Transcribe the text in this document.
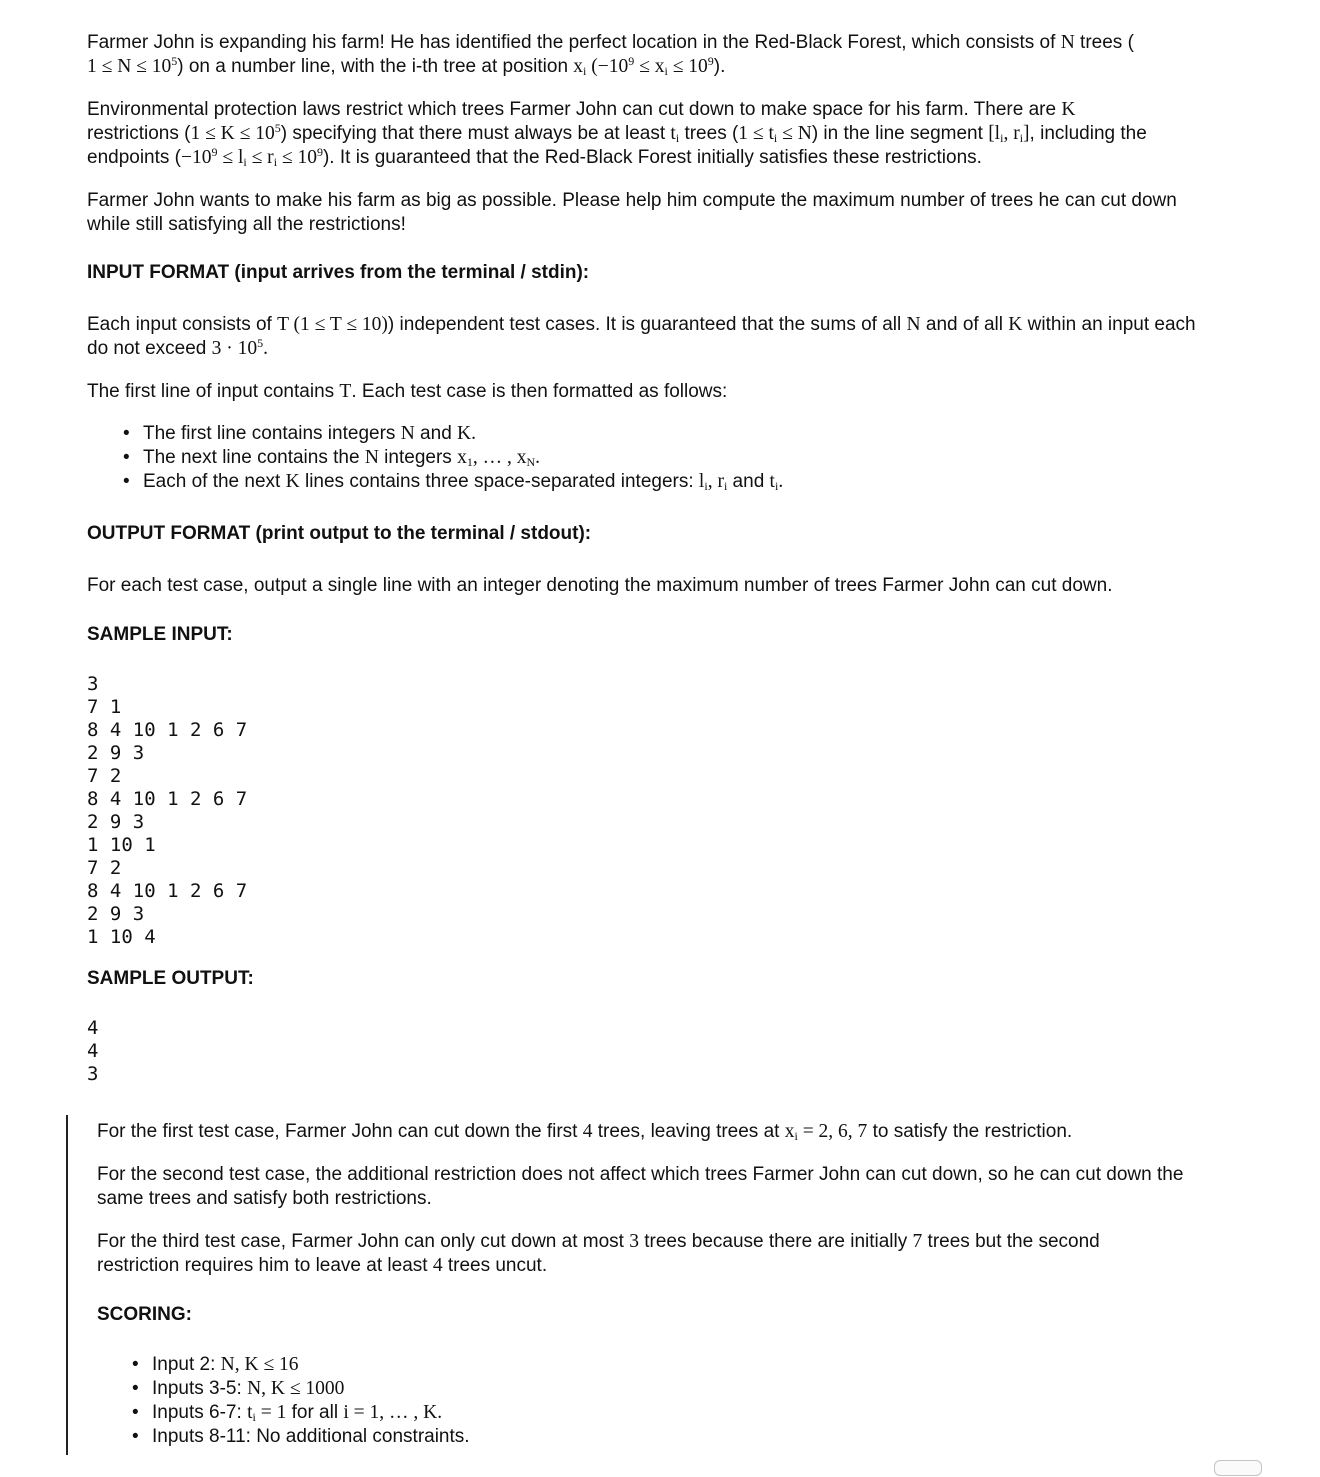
Farmer John is expanding his farm! He has identified the perfect location in the Red-Black Forest, which consists of N trees (
$1 \le N \le 10^5$) on a number line, with the i-th tree at position $x_i$ $(-10^9 \le x_i \le 10^9)$.

Environmental protection laws restrict which trees Farmer John can cut down to make space for his farm. There are K
restrictions $(1 \le K \le 10^5)$ specifying that there must always be at least $t_i$ trees $(1 \le t_i \le N)$ in the line segment [$l_i$, $r_i$], including the
endpoints $(-10^9 \le l_i \le r_i \le 10^9)$. It is guaranteed that the Red-Black Forest initially satisfies these restrictions.

Farmer John wants to make his farm as big as possible. Please help him compute the maximum number of trees he can cut down while still satisfying all the restrictions!

INPUT FORMAT (input arrives from the terminal / stdin):

Each input consists of T (1 ≤ T ≤ 10)) independent test cases. It is guaranteed that the sums of all N and of all K within an input each do not exceed $3 \cdot 10^5$.

The first line of input contains T. Each test case is then formatted as follows:

• The first line contains integers N and K.
• The next line contains the N integers $x_1$, … , $x_N$.
• Each of the next K lines contains three space-separated integers: $l_i$, $r_i$ and $t_i$.
OUTPUT FORMAT (print output to the terminal / stdout):

For each test case, output a single line with an integer denoting the maximum number of trees Farmer John can cut down.

SAMPLE INPUT:
3
7 1
8 4 10 1 2 6 7
2 9 3
7 2
8 4 10 1 2 6 7
2 9 3
1 10 1
7 2
8 4 10 1 2 6 7
2 9 3
1 10 4
SAMPLE OUTPUT:
4
4
3

For the first test case, Farmer John can cut down the first 4 trees, leaving trees at $x_i = 2$, 6, 7 to satisfy the restriction.

For the second test case, the additional restriction does not affect which trees Farmer John can cut down, so he can cut down the same trees and satisfy both restrictions.

For the third test case, Farmer John can only cut down at most 3 trees because there are initially 7 trees but the second restriction requires him to leave at least 4 trees uncut.

SCORING:
• Input 2: N, K ≤ 16
• Inputs 3-5: N, K ≤ 1000
• Inputs 6-7: $t_i = 1$ for all i = 1, … , K.
• Inputs 8-11: No additional constraints.
